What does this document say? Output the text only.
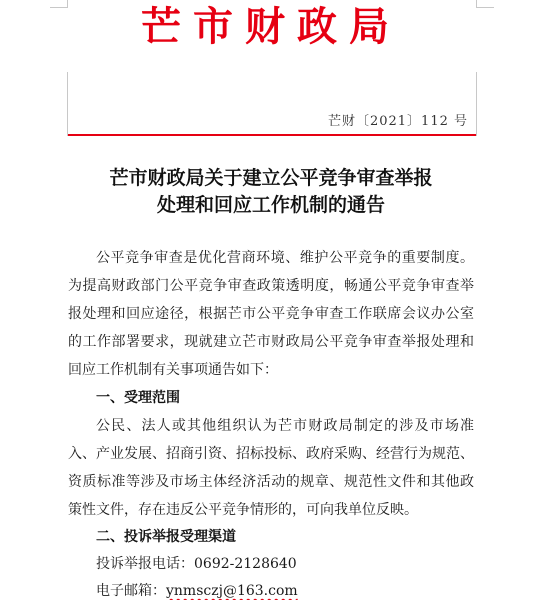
芒市财政局
芒财〔2021〕112 号
芒市财政局关于建立公平竞争审查举报
处理和回应工作机制的通告
公平竞争审查是优化营商环境、维护公平竞争的重要制度。
为提高财政部门公平竞争审查政策透明度，畅通公平竞争审查举
报处理和回应途径，根据芒市公平竞争审查工作联席会议办公室
的工作部署要求，现就建立芒市财政局公平竞争审查举报处理和
回应工作机制有关事项通告如下：
一、受理范围
公民、法人或其他组织认为芒市财政局制定的涉及市场准
入、产业发展、招商引资、招标投标、政府采购、经营行为规范、
资质标准等涉及市场主体经济活动的规章、规范性文件和其他政
策性文件，存在违反公平竞争情形的，可向我单位反映。
二、投诉举报受理渠道
投诉举报电话：0692-2128640
电子邮箱：ynmsczj@163.com
